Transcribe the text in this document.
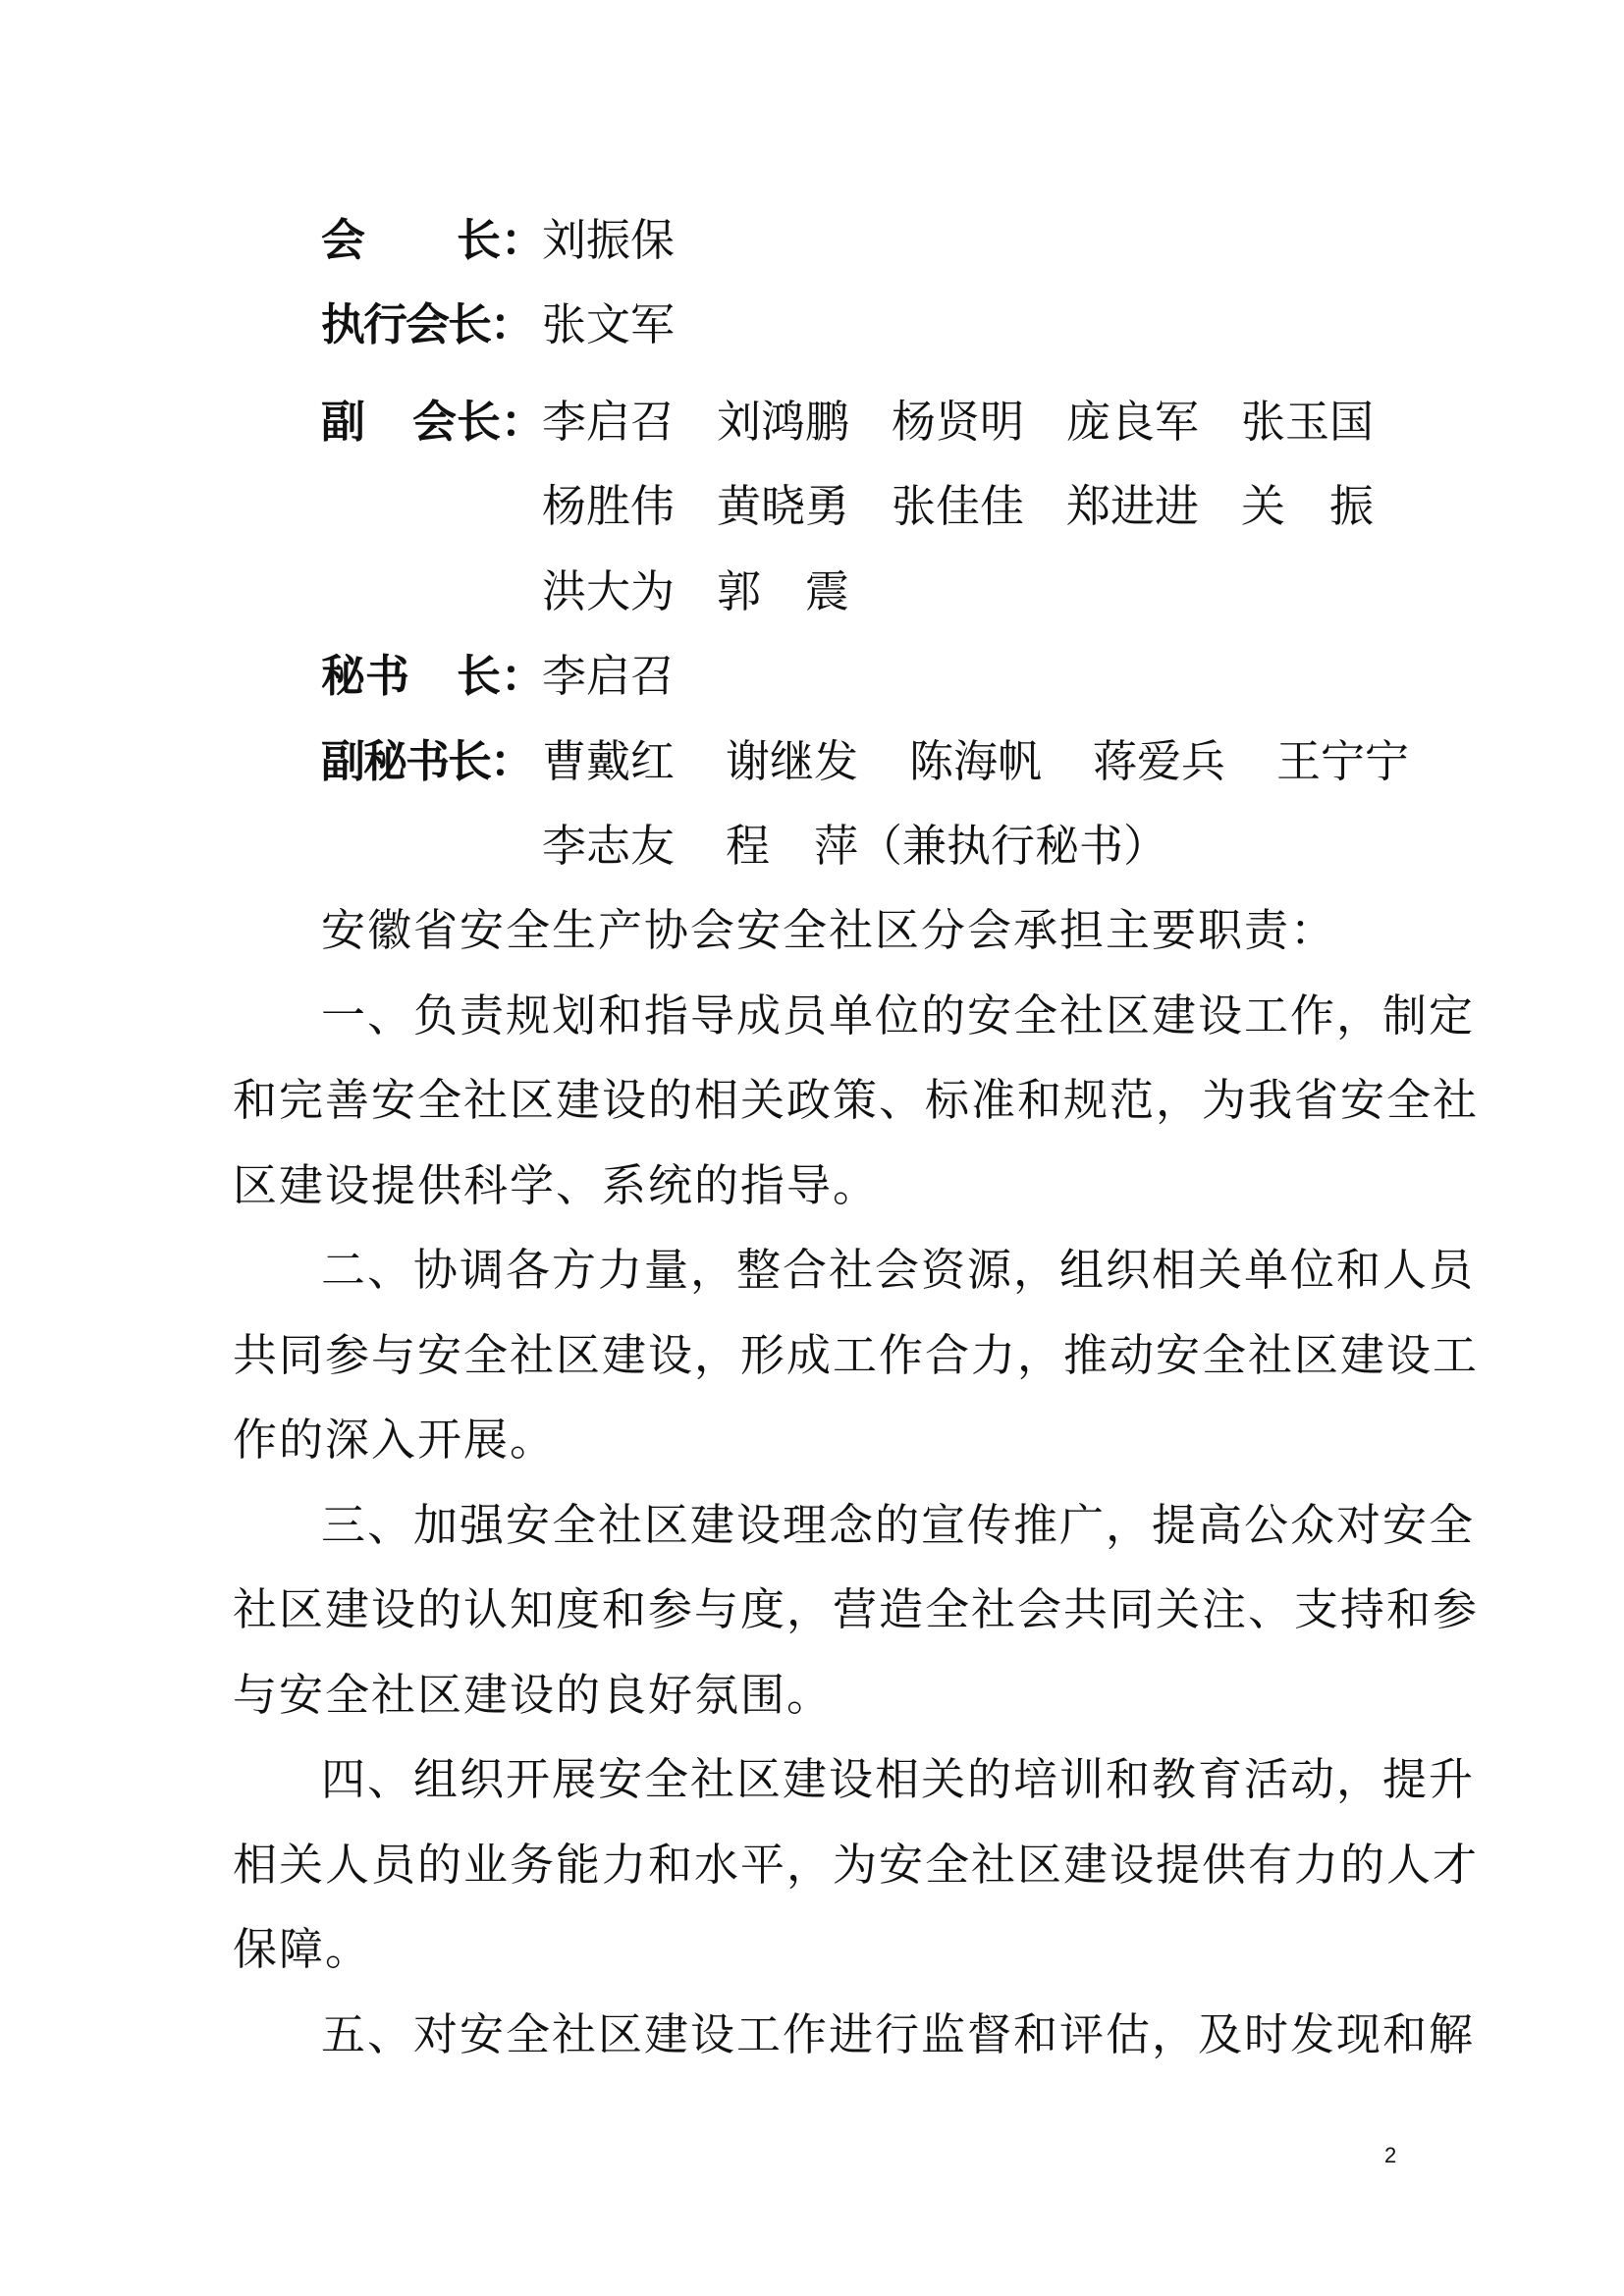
会	长：
刘振保
执行会长： 张文军
副	会长：
李启召 刘鸿鹏 杨贤明 庞良军 张玉国
杨胜伟 黄晓勇 张佳佳 郑进进 关　振
洪大为 郭　震
秘书	长：
李启召
副秘书长： 曹戴红 谢继发 陈海帆 蒋爱兵 王宁宁
李志友 程　萍（兼执行秘书）
安徽省安全生产协会安全社区分会承担主要职责：
一、负责规划和指导成员单位的安全社区建设工作，制定
和完善安全社区建设的相关政策、标准和规范，为我省安全社
区建设提供科学、系统的指导。
二、协调各方力量，整合社会资源，组织相关单位和人员
共同参与安全社区建设，形成工作合力，推动安全社区建设工
作的深入开展。
三、加强安全社区建设理念的宣传推广，提高公众对安全
社区建设的认知度和参与度，营造全社会共同关注、支持和参
与安全社区建设的良好氛围。
四、组织开展安全社区建设相关的培训和教育活动，提升
相关人员的业务能力和水平，为安全社区建设提供有力的人才
保障。
五、对安全社区建设工作进行监督和评估，及时发现和解
2
